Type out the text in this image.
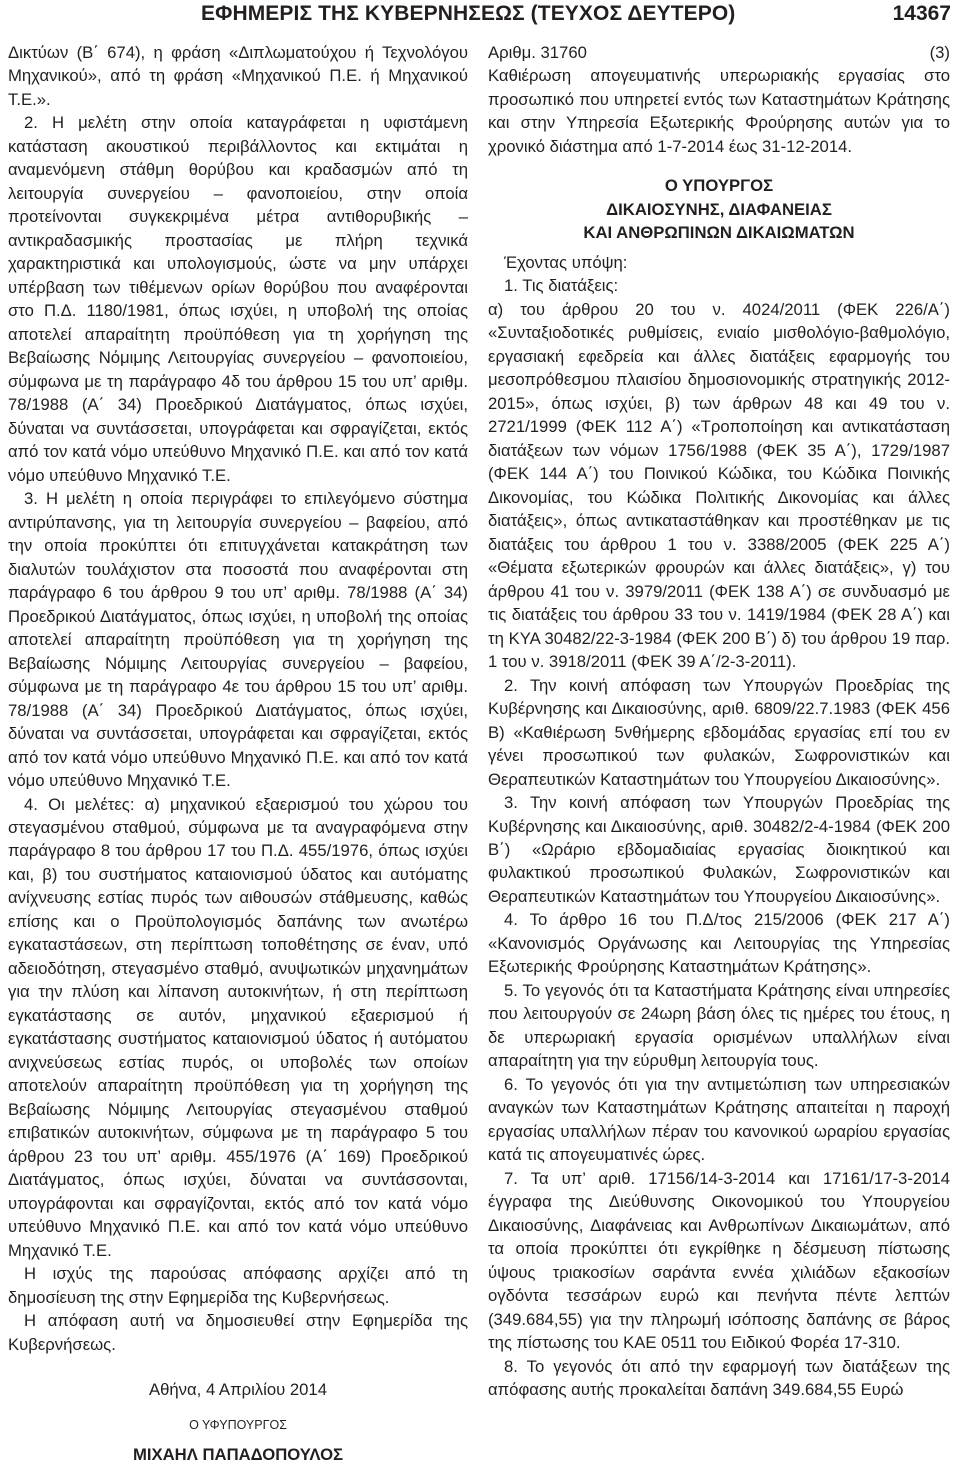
ΕΦΗΜΕΡΙΣ ΤΗΣ ΚΥΒΕΡΝΗΣΕΩΣ (ΤΕΥΧΟΣ ΔΕΥΤΕΡΟ)	14367

Δικτύων (Β΄ 674), η φράση «Διπλωματούχου ή Τεχνολόγου Μηχανικού», από τη φράση «Μηχανικού Π.Ε. ή Μηχανικού Τ.Ε.».

2. Η μελέτη στην οποία καταγράφεται η υφιστάμενη κατάσταση ακουστικού περιβάλλοντος και εκτιμάται η αναμενόμενη στάθμη θορύβου και κραδασμών από τη λειτουργία συνεργείου – φανοποιείου, στην οποία προτείνονται συγκεκριμένα μέτρα αντιθορυβικής – αντικραδασμικής προστασίας με πλήρη τεχνικά χαρακτηριστικά και υπολογισμούς, ώστε να μην υπάρχει υπέρβαση των τιθέμενων ορίων θορύβου που αναφέρονται στο Π.Δ. 1180/1981, όπως ισχύει, η υποβολή της οποίας αποτελεί απαραίτητη προϋπόθεση για τη χορήγηση της Βεβαίωσης Νόμιμης Λειτουργίας συνεργείου – φανοποιείου, σύμφωνα με τη παράγραφο 4δ του άρθρου 15 του υπ’ αριθμ. 78/1988 (Α΄ 34) Προεδρικού Διατάγματος, όπως ισχύει, δύναται να συντάσσεται, υπογράφεται και σφραγίζεται, εκτός από τον κατά νόμο υπεύθυνο Μηχανικό Π.Ε. και από τον κατά νόμο υπεύθυνο Μηχανικό Τ.Ε.

3. Η μελέτη η οποία περιγράφει το επιλεγόμενο σύστημα αντιρύπανσης, για τη λειτουργία συνεργείου – βαφείου, από την οποία προκύπτει ότι επιτυγχάνεται κατακράτηση των διαλυτών τουλάχιστον στα ποσοστά που αναφέρονται στη παράγραφο 6 του άρθρου 9 του υπ’ αριθμ. 78/1988 (Α΄ 34) Προεδρικού Διατάγματος, όπως ισχύει, η υποβολή της οποίας αποτελεί απαραίτητη προϋπόθεση για τη χορήγηση της Βεβαίωσης Νόμιμης Λειτουργίας συνεργείου – βαφείου, σύμφωνα με τη παράγραφο 4ε του άρθρου 15 του υπ’ αριθμ. 78/1988 (Α΄ 34) Προεδρικού Διατάγματος, όπως ισχύει, δύναται να συντάσσεται, υπογράφεται και σφραγίζεται, εκτός από τον κατά νόμο υπεύθυνο Μηχανικό Π.Ε. και από τον κατά νόμο υπεύθυνο Μηχανικό Τ.Ε.

4. Οι μελέτες: α) μηχανικού εξαερισμού του χώρου του στεγασμένου σταθμού, σύμφωνα με τα αναγραφόμενα στην παράγραφο 8 του άρθρου 17 του Π.Δ. 455/1976, όπως ισχύει και, β) του συστήματος καταιονισμού ύδατος και αυτόματης ανίχνευσης εστίας πυρός των αιθουσών στάθμευσης, καθώς επίσης και ο Προϋπολογισμός δαπάνης των ανωτέρω εγκαταστάσεων, στη περίπτωση τοποθέτησης σε έναν, υπό αδειοδότηση, στεγασμένο σταθμό, ανυψωτικών μηχανημάτων για την πλύση και λίπανση αυτοκινήτων, ή στη περίπτωση εγκατάστασης σε αυτόν, μηχανικού εξαερισμού ή εγκατάστασης συστήματος καταιονισμού ύδατος ή αυτόματου ανιχνεύσεως εστίας πυρός, οι υποβολές των οποίων αποτελούν απαραίτητη προϋπόθεση για τη χορήγηση της Βεβαίωσης Νόμιμης Λειτουργίας στεγασμένου σταθμού επιβατικών αυτοκινήτων, σύμφωνα με τη παράγραφο 5 του άρθρου 23 του υπ’ αριθμ. 455/1976 (Α΄ 169) Προεδρικού Διατάγματος, όπως ισχύει, δύναται να συντάσσονται, υπογράφονται και σφραγίζονται, εκτός από τον κατά νόμο υπεύθυνο Μηχανικό Π.Ε. και από τον κατά νόμο υπεύθυνο Μηχανικό Τ.Ε.

Η ισχύς της παρούσας απόφασης αρχίζει από τη δημοσίευση της στην Εφημερίδα της Κυβερνήσεως.

Η απόφαση αυτή να δημοσιευθεί στην Εφημερίδα της Κυβερνήσεως.

Αθήνα, 4 Απριλίου 2014
Ο ΥΦΥΠΟΥΡΓΟΣ
ΜΙΧΑΗΛ ΠΑΠΑΔΟΠΟΥΛΟΣ
Αριθμ. 31760	(3)

Καθιέρωση απογευματινής υπερωριακής εργασίας στο προσωπικό που υπηρετεί εντός των Καταστημάτων Κράτησης και στην Υπηρεσία Εξωτερικής Φρούρησης αυτών για το χρονικό διάστημα από 1-7-2014 έως 31-12-2014.

Ο ΥΠΟΥΡΓΟΣ
ΔΙΚΑΙΟΣΥΝΗΣ, ΔΙΑΦΑΝΕΙΑΣ
ΚΑΙ ΑΝΘΡΩΠΙΝΩΝ ΔΙΚΑΙΩΜΑΤΩΝ

Έχοντας υπόψη:

1. Τις διατάξεις:

α) του άρθρου 20 του ν. 4024/2011 (ΦΕΚ 226/Α΄) «Συνταξιοδοτικές ρυθμίσεις, ενιαίο μισθολόγιο-βαθμολόγιο, εργασιακή εφεδρεία και άλλες διατάξεις εφαρμογής του μεσοπρόθεσμου πλαισίου δημοσιονομικής στρατηγικής 2012-2015», όπως ισχύει, β) των άρθρων 48 και 49 του ν. 2721/1999 (ΦΕΚ 112 Α΄) «Τροποποίηση και αντικατάσταση διατάξεων των νόμων 1756/1988 (ΦΕΚ 35 Α΄), 1729/1987 (ΦΕΚ 144 Α΄) του Ποινικού Κώδικα, του Κώδικα Ποινικής Δικονομίας, του Κώδικα Πολιτικής Δικονομίας και άλλες διατάξεις», όπως αντικαταστάθηκαν και προστέθηκαν με τις διατάξεις του άρθρου 1 του ν. 3388/2005 (ΦΕΚ 225 Α΄) «Θέματα εξωτερικών φρουρών και άλλες διατάξεις», γ) του άρθρου 41 του ν. 3979/2011 (ΦΕΚ 138 Α΄) σε συνδυασμό με τις διατάξεις του άρθρου 33 του ν. 1419/1984 (ΦΕΚ 28 Α΄) και τη ΚΥΑ 30482/22-3-1984 (ΦΕΚ 200 Β΄) δ) του άρθρου 19 παρ. 1 του ν. 3918/2011 (ΦΕΚ 39 Α΄/2-3-2011).

2. Την κοινή απόφαση των Υπουργών Προεδρίας της Κυβέρνησης και Δικαιοσύνης, αριθ. 6809/22.7.1983 (ΦΕΚ 456 Β) «Καθιέρωση 5νθήμερης εβδομάδας εργασίας επί του εν γένει προσωπικού των φυλακών, Σωφρονιστικών και Θεραπευτικών Καταστημάτων του Υπουργείου Δικαιοσύνης».

3. Την κοινή απόφαση των Υπουργών Προεδρίας της Κυβέρνησης και Δικαιοσύνης, αριθ. 30482/2-4-1984 (ΦΕΚ 200 Β΄) «Ωράριο εβδομαδιαίας εργασίας διοικητικού και φυλακτικού προσωπικού Φυλακών, Σωφρονιστικών και Θεραπευτικών Καταστημάτων του Υπουργείου Δικαιοσύνης».

4. Το άρθρο 16 του Π.Δ/τος 215/2006 (ΦΕΚ 217 Α΄) «Κανονισμός Οργάνωσης και Λειτουργίας της Υπηρεσίας Εξωτερικής Φρούρησης Καταστημάτων Κράτησης».

5. Το γεγονός ότι τα Καταστήματα Κράτησης είναι υπηρεσίες που λειτουργούν σε 24ωρη βάση όλες τις ημέρες του έτους, η δε υπερωριακή εργασία ορισμένων υπαλλήλων είναι απαραίτητη για την εύρυθμη λειτουργία τους.

6. Το γεγονός ότι για την αντιμετώπιση των υπηρεσιακών αναγκών των Καταστημάτων Κράτησης απαιτείται η παροχή εργασίας υπαλλήλων πέραν του κανονικού ωραρίου εργασίας κατά τις απογευματινές ώρες.

7. Τα υπ’ αριθ. 17156/14-3-2014 και 17161/17-3-2014 έγγραφα της Διεύθυνσης Οικονομικού του Υπουργείου Δικαιοσύνης, Διαφάνειας και Ανθρωπίνων Δικαιωμάτων, από τα οποία προκύπτει ότι εγκρίθηκε η δέσμευση πίστωσης ύψους τριακοσίων σαράντα εννέα χιλιάδων εξακοσίων ογδόντα τεσσάρων ευρώ και πενήντα πέντε λεπτών (349.684,55) για την πληρωμή ισόποσης δαπάνης σε βάρος της πίστωσης του ΚΑΕ 0511 του Ειδικού Φορέα 17-310.

8. Το γεγονός ότι από την εφαρμογή των διατάξεων της απόφασης αυτής προκαλείται δαπάνη 349.684,55 Ευρώ
